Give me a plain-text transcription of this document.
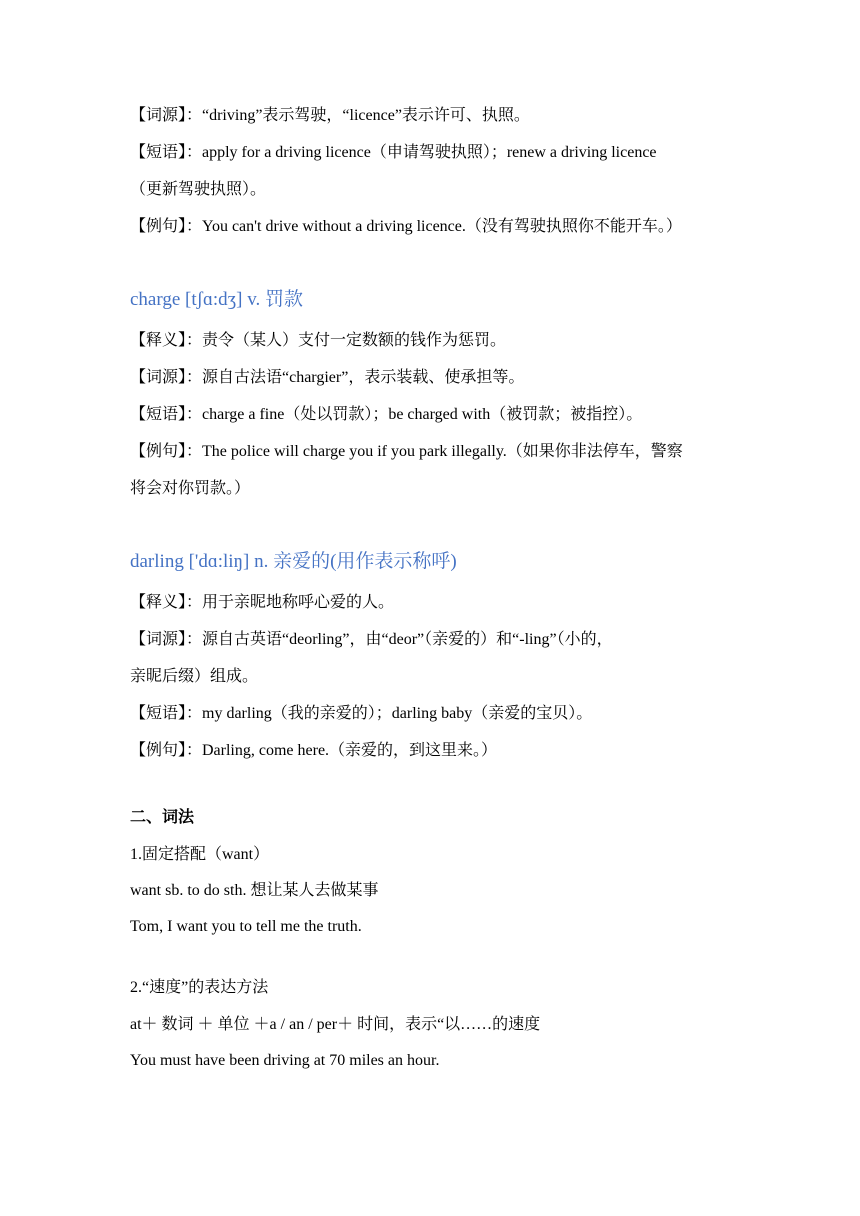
【词源】：“driving”表示驾驶，“licence”表示许可、执照。
【短语】：apply for a driving licence（申请驾驶执照）；renew a driving licence
（更新驾驶执照）。
【例句】：You can't drive without a driving licence.（没有驾驶执照你不能开车。）
charge [tʃɑ:dʒ] v. 罚款
【释义】：责令（某人）支付一定数额的钱作为惩罚。
【词源】：源自古法语“chargier”，表示装载、使承担等。
【短语】：charge a fine（处以罚款）；be charged with（被罚款；被指控）。
【例句】：The police will charge you if you park illegally.（如果你非法停车，警察
将会对你罚款。）
darling ['dɑ:liŋ] n. 亲爱的(用作表示称呼)
【释义】：用于亲昵地称呼心爱的人。
【词源】：源自古英语“deorling”，由“deor”（亲爱的）和“-ling”（小的，
亲昵后缀）组成。
【短语】：my darling（我的亲爱的）；darling baby（亲爱的宝贝）。
【例句】：Darling, come here.（亲爱的，到这里来。）
二、词法
1.固定搭配（want）
want sb. to do sth. 想让某人去做某事
Tom, I want you to tell me the truth.
2.“速度”的表达方法
at＋ 数词 ＋ 单位 ＋a / an / per＋ 时间，表示“以……的速度
You must have been driving at 70 miles an hour.
